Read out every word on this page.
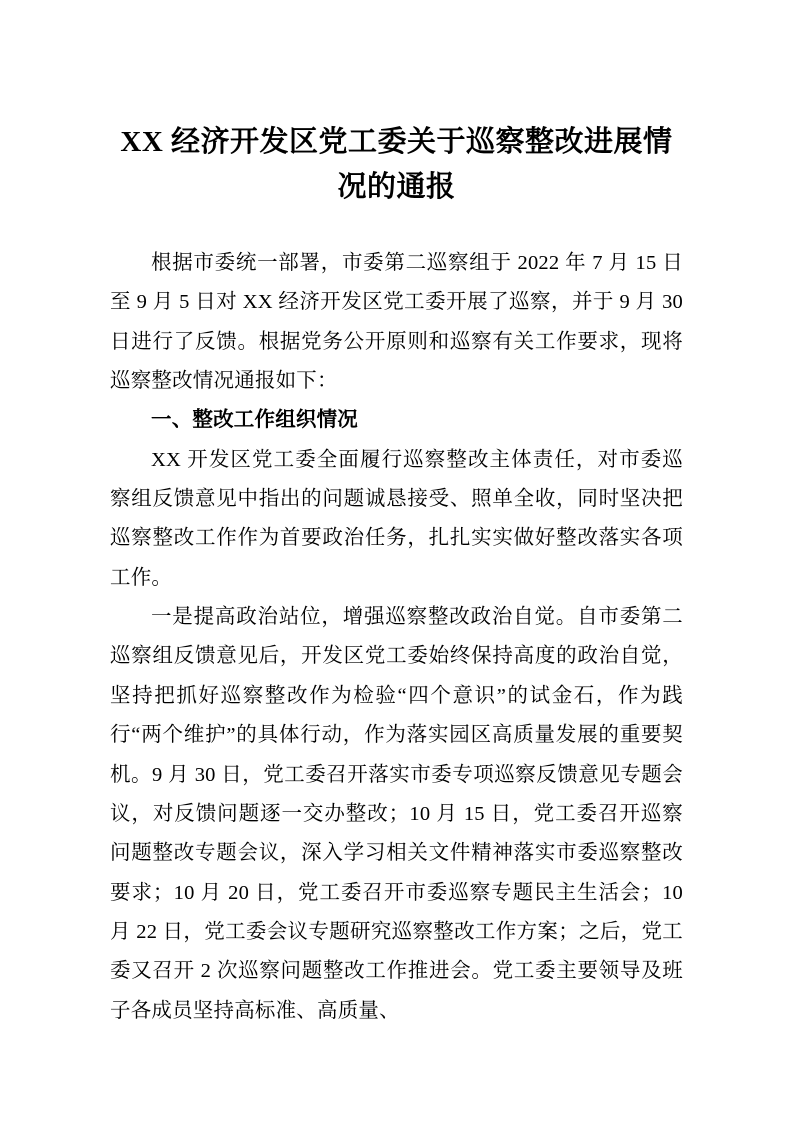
XX 经济开发区党工委关于巡察整改进展情况的通报

根据市委统一部署，市委第二巡察组于 2022 年 7 月 15 日至 9 月 5 日对 XX 经济开发区党工委开展了巡察，并于 9 月 30 日进行了反馈。根据党务公开原则和巡察有关工作要求，现将巡察整改情况通报如下：

一、整改工作组织情况

XX 开发区党工委全面履行巡察整改主体责任，对市委巡察组反馈意见中指出的问题诚恳接受、照单全收，同时坚决把巡察整改工作作为首要政治任务，扎扎实实做好整改落实各项工作。

一是提高政治站位，增强巡察整改政治自觉。自市委第二巡察组反馈意见后，开发区党工委始终保持高度的政治自觉，坚持把抓好巡察整改作为检验“四个意识”的试金石，作为践行“两个维护”的具体行动，作为落实园区高质量发展的重要契机。9 月 30 日，党工委召开落实市委专项巡察反馈意见专题会议，对反馈问题逐一交办整改；10 月 15 日，党工委召开巡察问题整改专题会议，深入学习相关文件精神落实市委巡察整改要求；10 月 20 日，党工委召开市委巡察专题民主生活会；10 月 22 日，党工委会议专题研究巡察整改工作方案；之后，党工委又召开 2 次巡察问题整改工作推进会。党工委主要领导及班子各成员坚持高标准、高质量、
